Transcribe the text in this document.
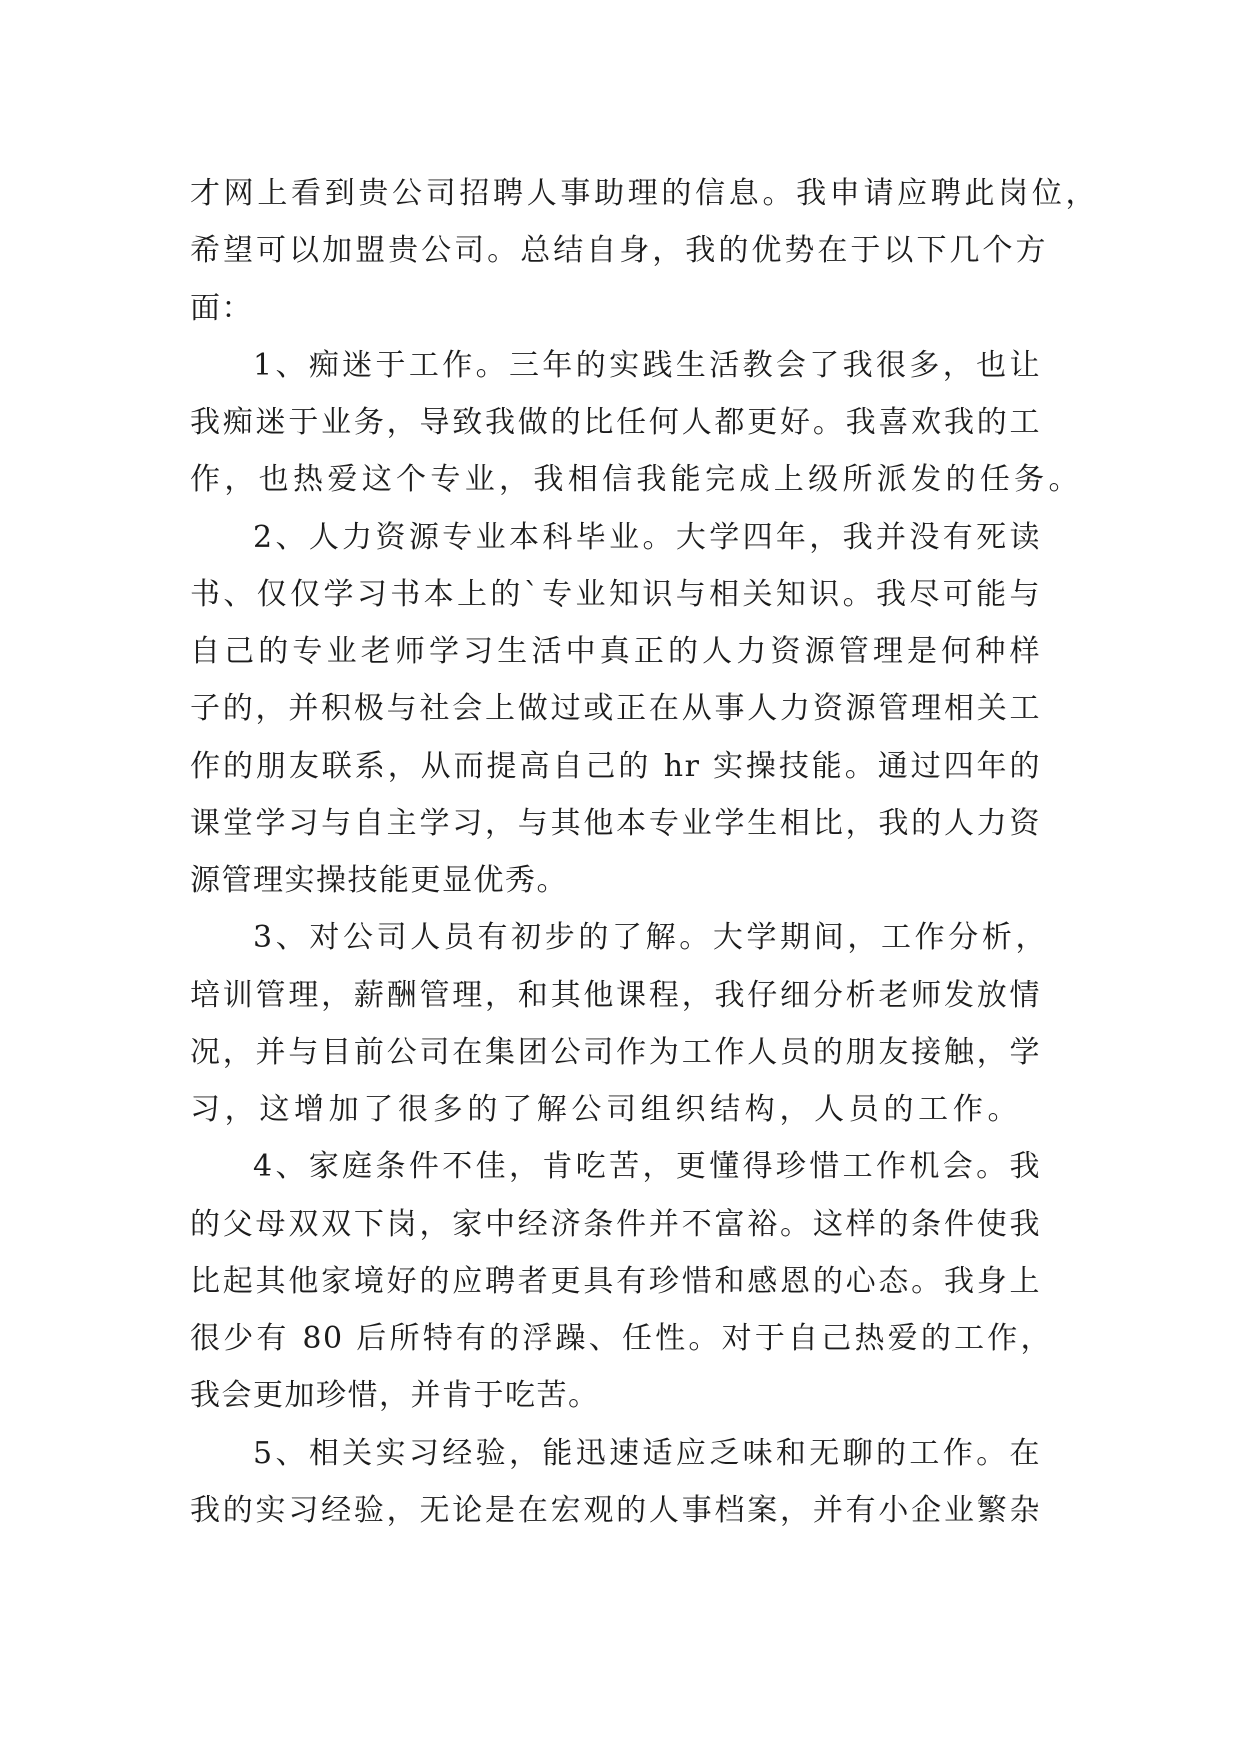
才网上看到贵公司招聘人事助理的信息。我申请应聘此岗位，
希望可以加盟贵公司。总结自身，我的优势在于以下几个方
面：
1、痴迷于工作。三年的实践生活教会了我很多，也让
我痴迷于业务，导致我做的比任何人都更好。我喜欢我的工
作，也热爱这个专业，我相信我能完成上级所派发的任务。
2、人力资源专业本科毕业。大学四年，我并没有死读
书、仅仅学习书本上的`专业知识与相关知识。我尽可能与
自己的专业老师学习生活中真正的人力资源管理是何种样
子的，并积极与社会上做过或正在从事人力资源管理相关工
作的朋友联系，从而提高自己的 hr 实操技能。通过四年的
课堂学习与自主学习，与其他本专业学生相比，我的人力资
源管理实操技能更显优秀。
3、对公司人员有初步的了解。大学期间，工作分析，
培训管理，薪酬管理，和其他课程，我仔细分析老师发放情
况，并与目前公司在集团公司作为工作人员的朋友接触，学
习，这增加了很多的了解公司组织结构，人员的工作。
4、家庭条件不佳，肯吃苦，更懂得珍惜工作机会。我
的父母双双下岗，家中经济条件并不富裕。这样的条件使我
比起其他家境好的应聘者更具有珍惜和感恩的心态。我身上
很少有 80 后所特有的浮躁、任性。对于自己热爱的工作，
我会更加珍惜，并肯于吃苦。
5、相关实习经验，能迅速适应乏味和无聊的工作。在
我的实习经验，无论是在宏观的人事档案，并有小企业繁杂
